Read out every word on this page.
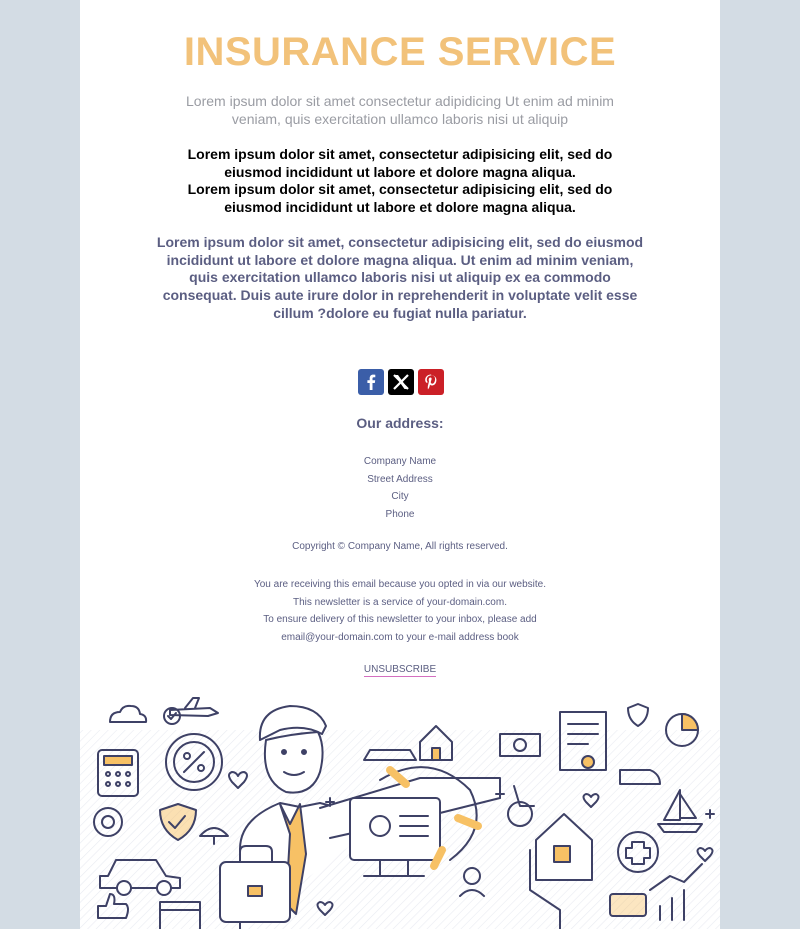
INSURANCE SERVICE

Lorem ipsum dolor sit amet consectetur adipidicing Ut enim ad minim veniam, quis exercitation ullamco laboris nisi ut aliquip

Lorem ipsum dolor sit amet, consectetur adipisicing elit, sed do eiusmod incididunt ut labore et dolore magna aliqua.

Lorem ipsum dolor sit amet, consectetur adipisicing elit, sed do eiusmod incididunt ut labore et dolore magna aliqua.

Lorem ipsum dolor sit amet, consectetur adipisicing elit, sed do eiusmod incididunt ut labore et dolore magna aliqua. Ut enim ad minim veniam, quis exercitation ullamco laboris nisi ut aliquip ex ea commodo consequat. Duis aute irure dolor in reprehenderit in voluptate velit esse cillum ?dolore eu fugiat nulla pariatur.

Our address:
Company Name
Street Address
City
Phone
Copyright © Company Name, All rights reserved.
You are receiving this email because you opted in via our website.
This newsletter is a service of your-domain.com.
To ensure delivery of this newsletter to your inbox, please add
email@your-domain.com to your e-mail address book
UNSUBSCRIBE
